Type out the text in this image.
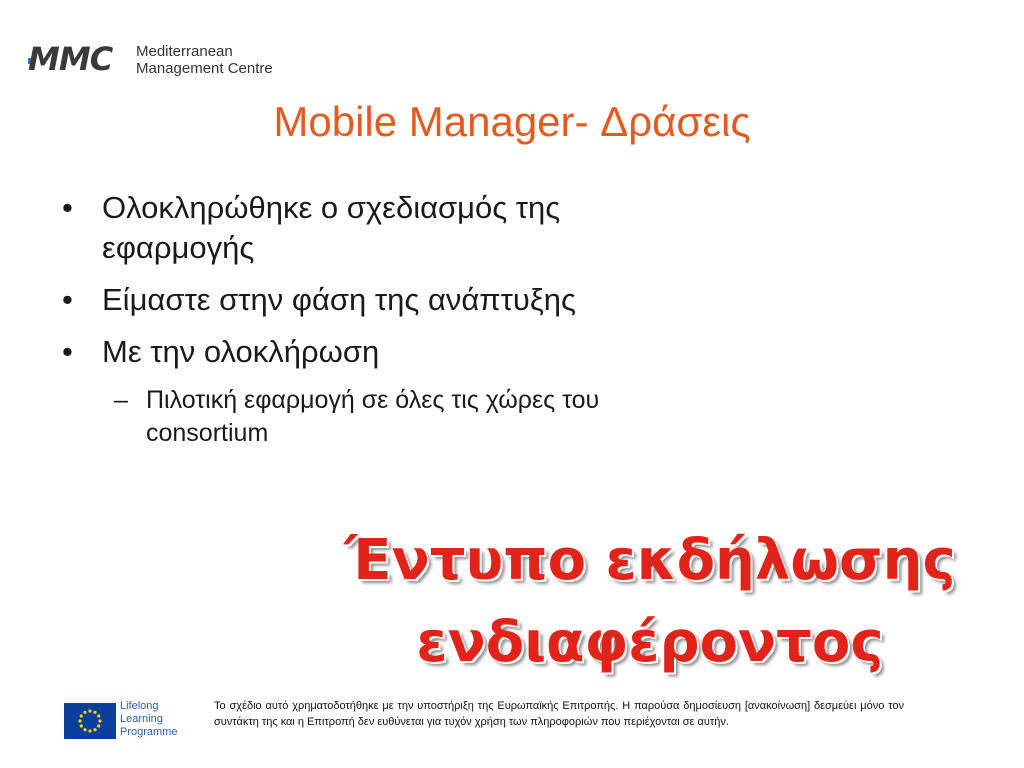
MMC Mediterranean
Management Centre
Mobile Manager- Δράσεις
• Ολοκληρώθηκε ο σχεδιασμός της εφαρμογής
• Είμαστε στην φάση της ανάπτυξης
• Με την ολοκλήρωση
– Πιλοτική εφαρμογή σε όλες τις χώρες του consortium
Έντυπο εκδήλωσης
ενδιαφέροντος
Lifelong
Learning
Programme
Το σχέδιο αυτό χρηματοδοτήθηκε με την υποστήριξη της Ευρωπαϊκής Επιτροπής. Η παρούσα δημοσίευση [ανακοίνωση] δεσμεύει μόνο τον συντάκτη της και η Επιτροπή δεν ευθύνεται για τυχόν χρήση των πληροφοριών που περιέχονται σε αυτήν.
